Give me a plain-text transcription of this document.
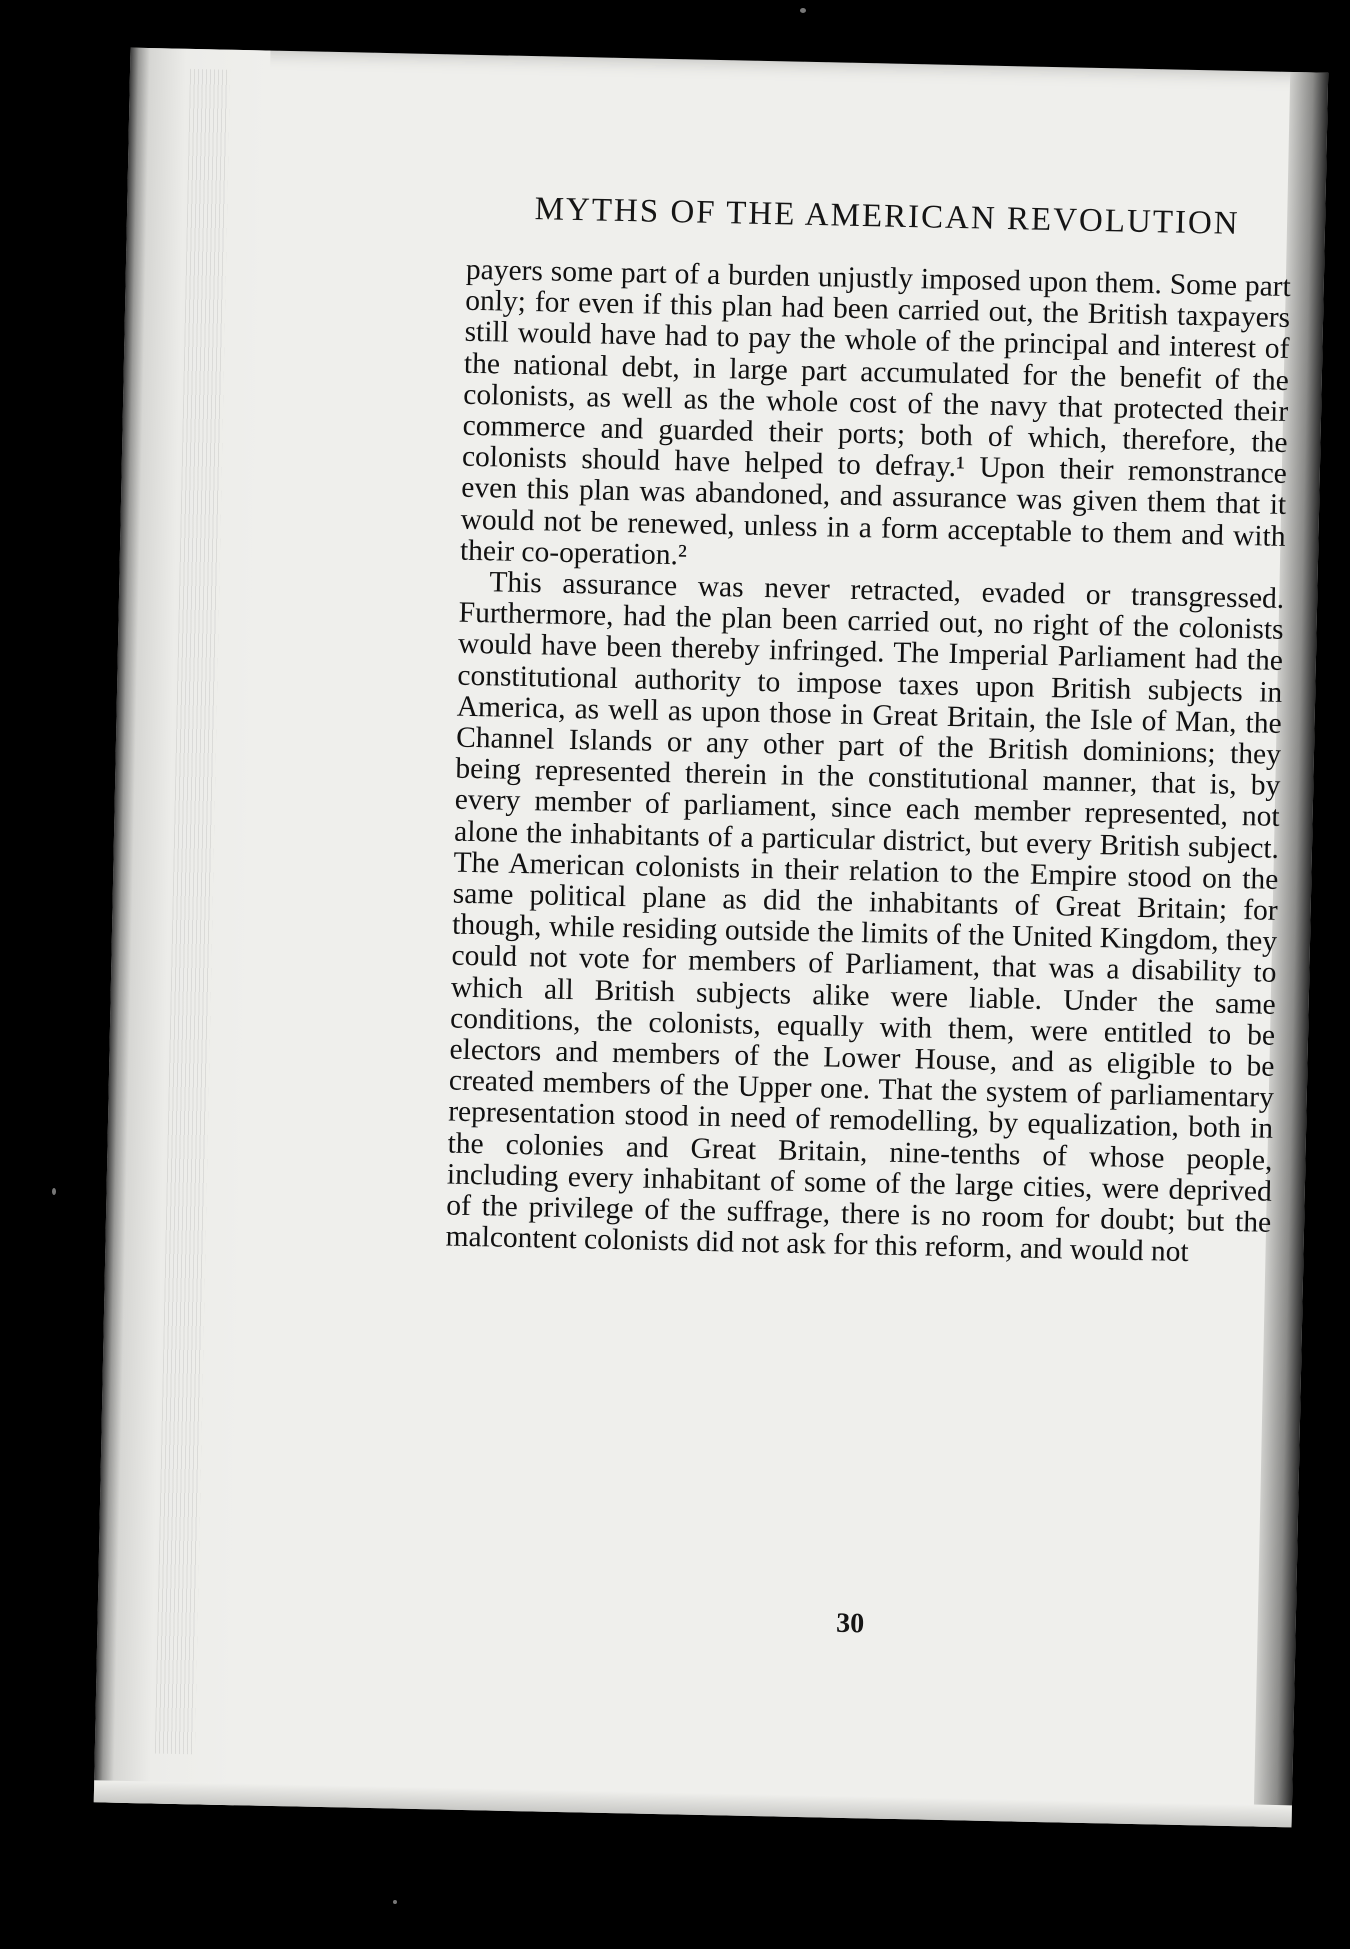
MYTHS OF THE AMERICAN REVOLUTION

payers some part of a burden unjustly imposed upon them. Some part only; for even if this plan had been carried out, the British taxpayers still would have had to pay the whole of the principal and interest of the national debt, in large part accumulated for the benefit of the colonists, as well as the whole cost of the navy that protected their commerce and guarded their ports; both of which, therefore, the colonists should have helped to defray.¹ Upon their remonstrance even this plan was abandoned, and assurance was given them that it would not be renewed, unless in a form acceptable to them and with their co-operation.²

This assurance was never retracted, evaded or transgressed. Furthermore, had the plan been carried out, no right of the colonists would have been thereby infringed. The Imperial Parliament had the constitutional authority to impose taxes upon British subjects in America, as well as upon those in Great Britain, the Isle of Man, the Channel Islands or any other part of the British dominions; they being represented therein in the constitutional manner, that is, by every member of parliament, since each member represented, not alone the inhabitants of a particular district, but every British subject. The American colonists in their relation to the Empire stood on the same political plane as did the inhabitants of Great Britain; for though, while residing outside the limits of the United Kingdom, they could not vote for members of Parliament, that was a disability to which all British subjects alike were liable. Under the same conditions, the colonists, equally with them, were entitled to be electors and members of the Lower House, and as eligible to be created members of the Upper one. That the system of parliamentary representation stood in need of remodelling, by equalization, both in the colonies and Great Britain, nine-tenths of whose people, including every inhabitant of some of the large cities, were deprived of the privilege of the suffrage, there is no room for doubt; but the malcontent colonists did not ask for this reform, and would not

30
